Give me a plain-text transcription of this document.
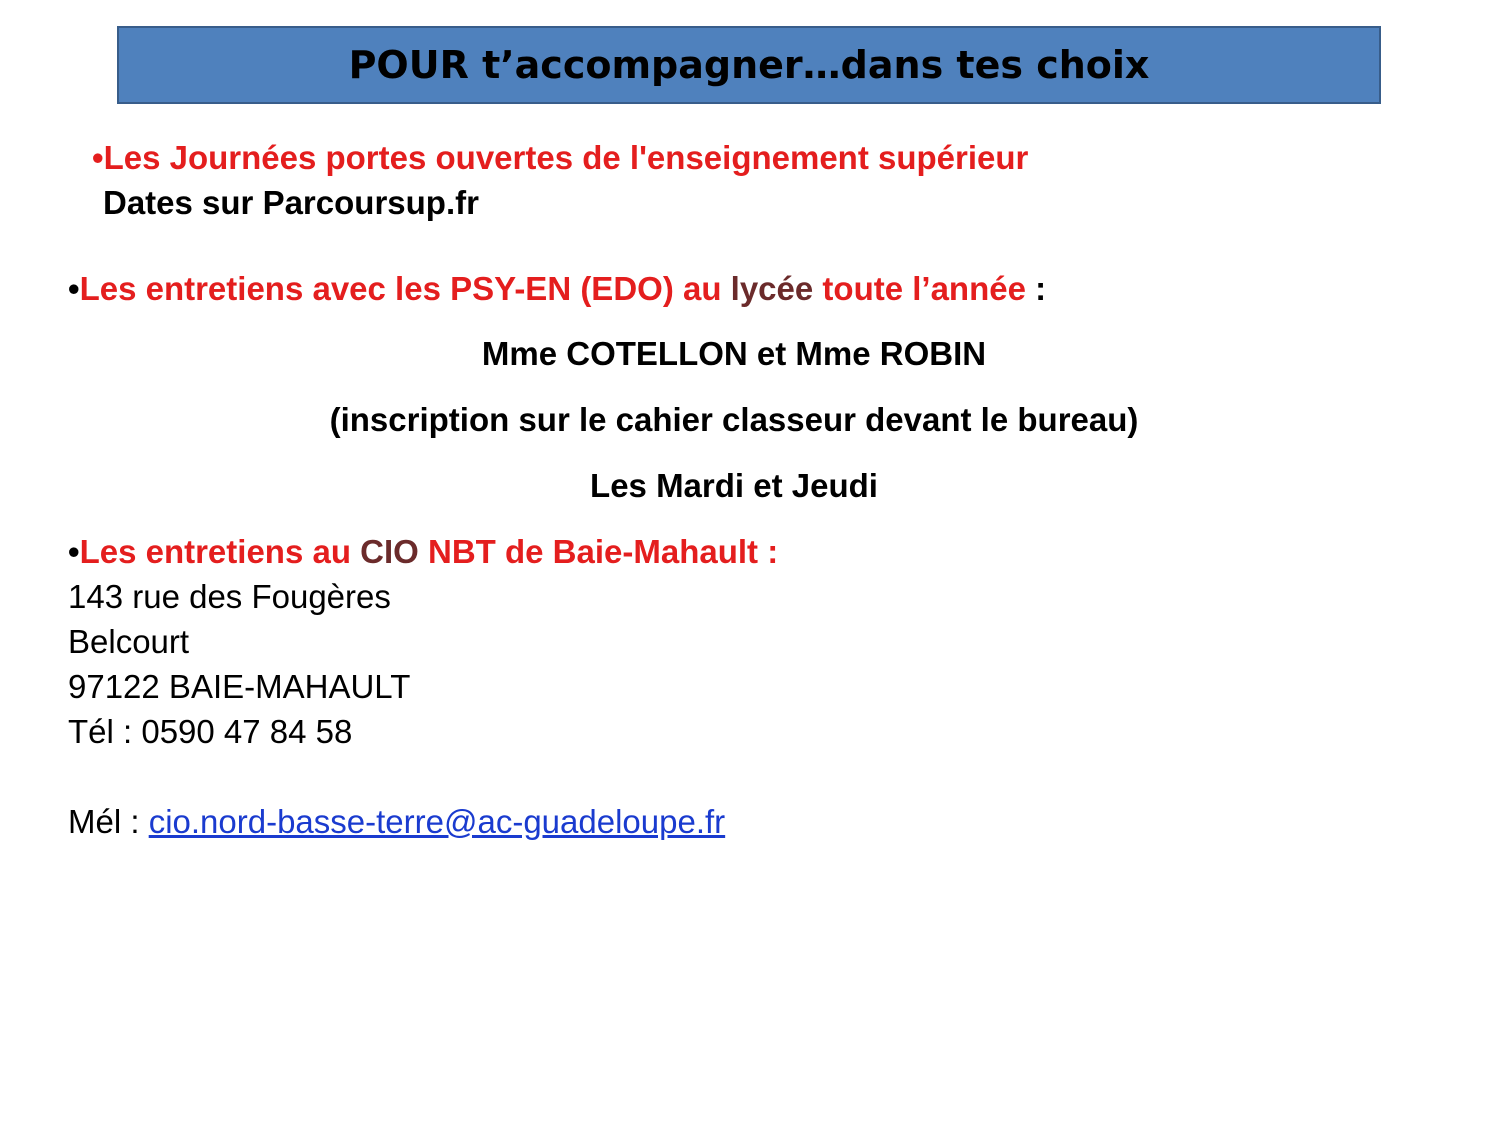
POUR t’accompagner…dans tes choix
•Les Journées portes ouvertes de l'enseignement supérieur
Dates sur Parcoursup.fr
•Les entretiens avec les PSY-EN (EDO) au lycée toute l’année :
Mme COTELLON et Mme ROBIN
(inscription sur le cahier classeur devant le bureau)
Les Mardi et Jeudi
•Les entretiens au CIO NBT de Baie-Mahault :
143 rue des Fougères
Belcourt
97122 BAIE-MAHAULT
Tél : 0590 47 84 58
Mél : cio.nord-basse-terre@ac-guadeloupe.fr
